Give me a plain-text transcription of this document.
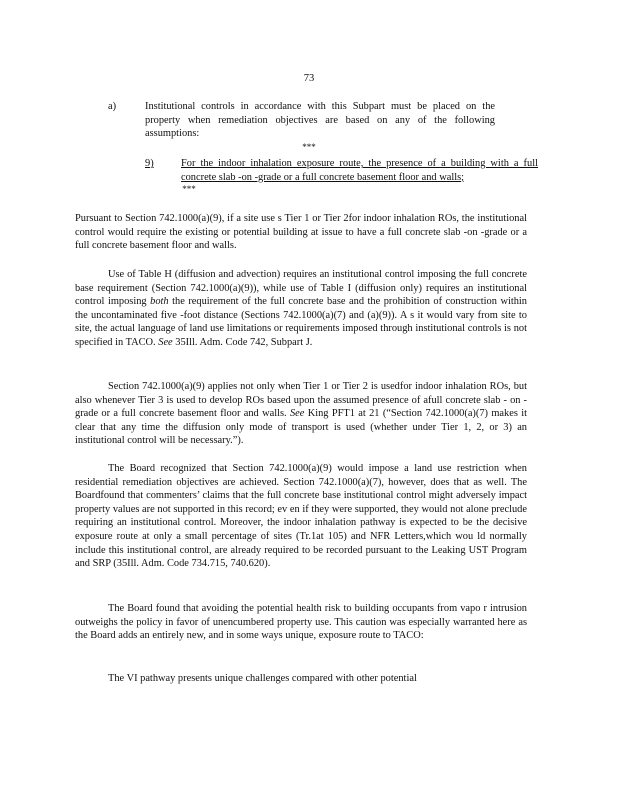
73
a)	Institutional controls in accordance with this Subpart must be placed on the property when remediation objectives are based on any of the following assumptions:
***
9)	For the indoor inhalation exposure route, the presence of a building with a full concrete slab -on -grade or a full concrete basement floor and walls;
***

Pursuant to Section 742.1000(a)(9), if a site use s Tier 1 or Tier 2for indoor inhalation ROs, the institutional control would require the existing or potential building at issue to have a full concrete slab -on -grade or a full concrete basement floor and walls.

Use of Table H (diffusion and advection) requires an institutional control imposing the full concrete base requirement (Section 742.1000(a)(9)), while use of Table I (diffusion only) requires an institutional control imposing both the requirement of the full concrete base and the prohibition of construction within the uncontaminated five -foot distance (Sections 742.1000(a)(7) and (a)(9)). A s it would vary from site to site, the actual language of land use limitations or requirements imposed through institutional controls is not specified in TACO. See 35Ill. Adm. Code 742, Subpart J.

Section 742.1000(a)(9) applies not only when Tier 1 or Tier 2 is usedfor indoor inhalation ROs, but also whenever Tier 3 is used to develop ROs based upon the assumed presence of afull concrete slab - on - grade or a full concrete basement floor and walls. See King PFT1 at 21 (“Section 742.1000(a)(7) makes it clear that any time the diffusion only mode of transport is used (whether under Tier 1, 2, or 3) an institutional control will be necessary.”).

The Board recognized that Section 742.1000(a)(9) would impose a land use restriction when residential remediation objectives are achieved. Section 742.1000(a)(7), however, does that as well. The Boardfound that commenters’ claims that the full concrete base institutional control might adversely impact property values are not supported in this record; ev en if they were supported, they would not alone preclude requiring an institutional control. Moreover, the indoor inhalation pathway is expected to be the decisive exposure route at only a small percentage of sites (Tr.1at 105) and NFR Letters,which wou ld normally include this institutional control, are already required to be recorded pursuant to the Leaking UST Program and SRP (35Ill. Adm. Code 734.715, 740.620).

The Board found that avoiding the potential health risk to building occupants from vapo r intrusion outweighs the policy in favor of unencumbered property use. This caution was especially warranted here as the Board adds an entirely new, and in some ways unique, exposure route to TACO:

The VI pathway presents unique challenges compared with other potential
